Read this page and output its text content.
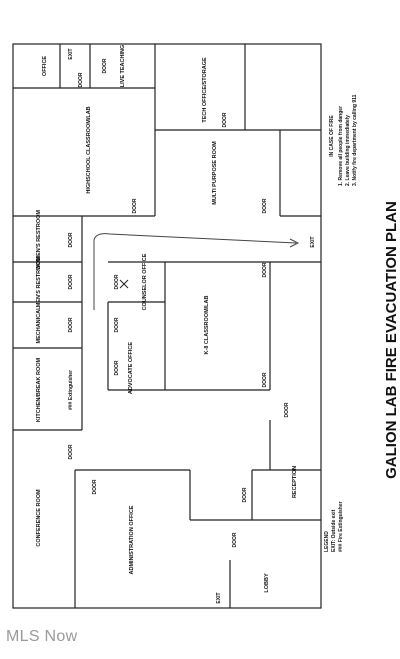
OFFICE	LIVE TEACHING
HIGHSCHOOL CLASSROOM/LAB
TECH OFFICE/STORAGE
MULTI PURPOSE ROOM
WOMEN'S RESTROOM
MEN'S RESTROOM	COUNSELOR OFFICE
MECHANICAL
ADVOCATE OFFICE
K-8 CLASSROOM/LAB
KITCHEN/BREAK ROOM
CONFERENCE ROOM	ADMINISTRATION OFFICE
RECEPTION
LOBBY
DOOR
DOOR
DOOR
DOOR
DOOR
DOOR
DOOR	DOOR
DOOR	DOOR
DOOR
DOOR
DOOR
DOOR
DOOR
DOOR
DOOR
DOOR
EXIT
EXIT
EXIT
### Extinguisher
IN CASE OF FIRE 1. Remove all people from danger 2. Leave building immediately 3. Notify fire department by calling 911
LEGEND EXIT: Outside exit ### Fire Extinguisher
GALION LAB FIRE EVACUATION PLAN
MLS Now
